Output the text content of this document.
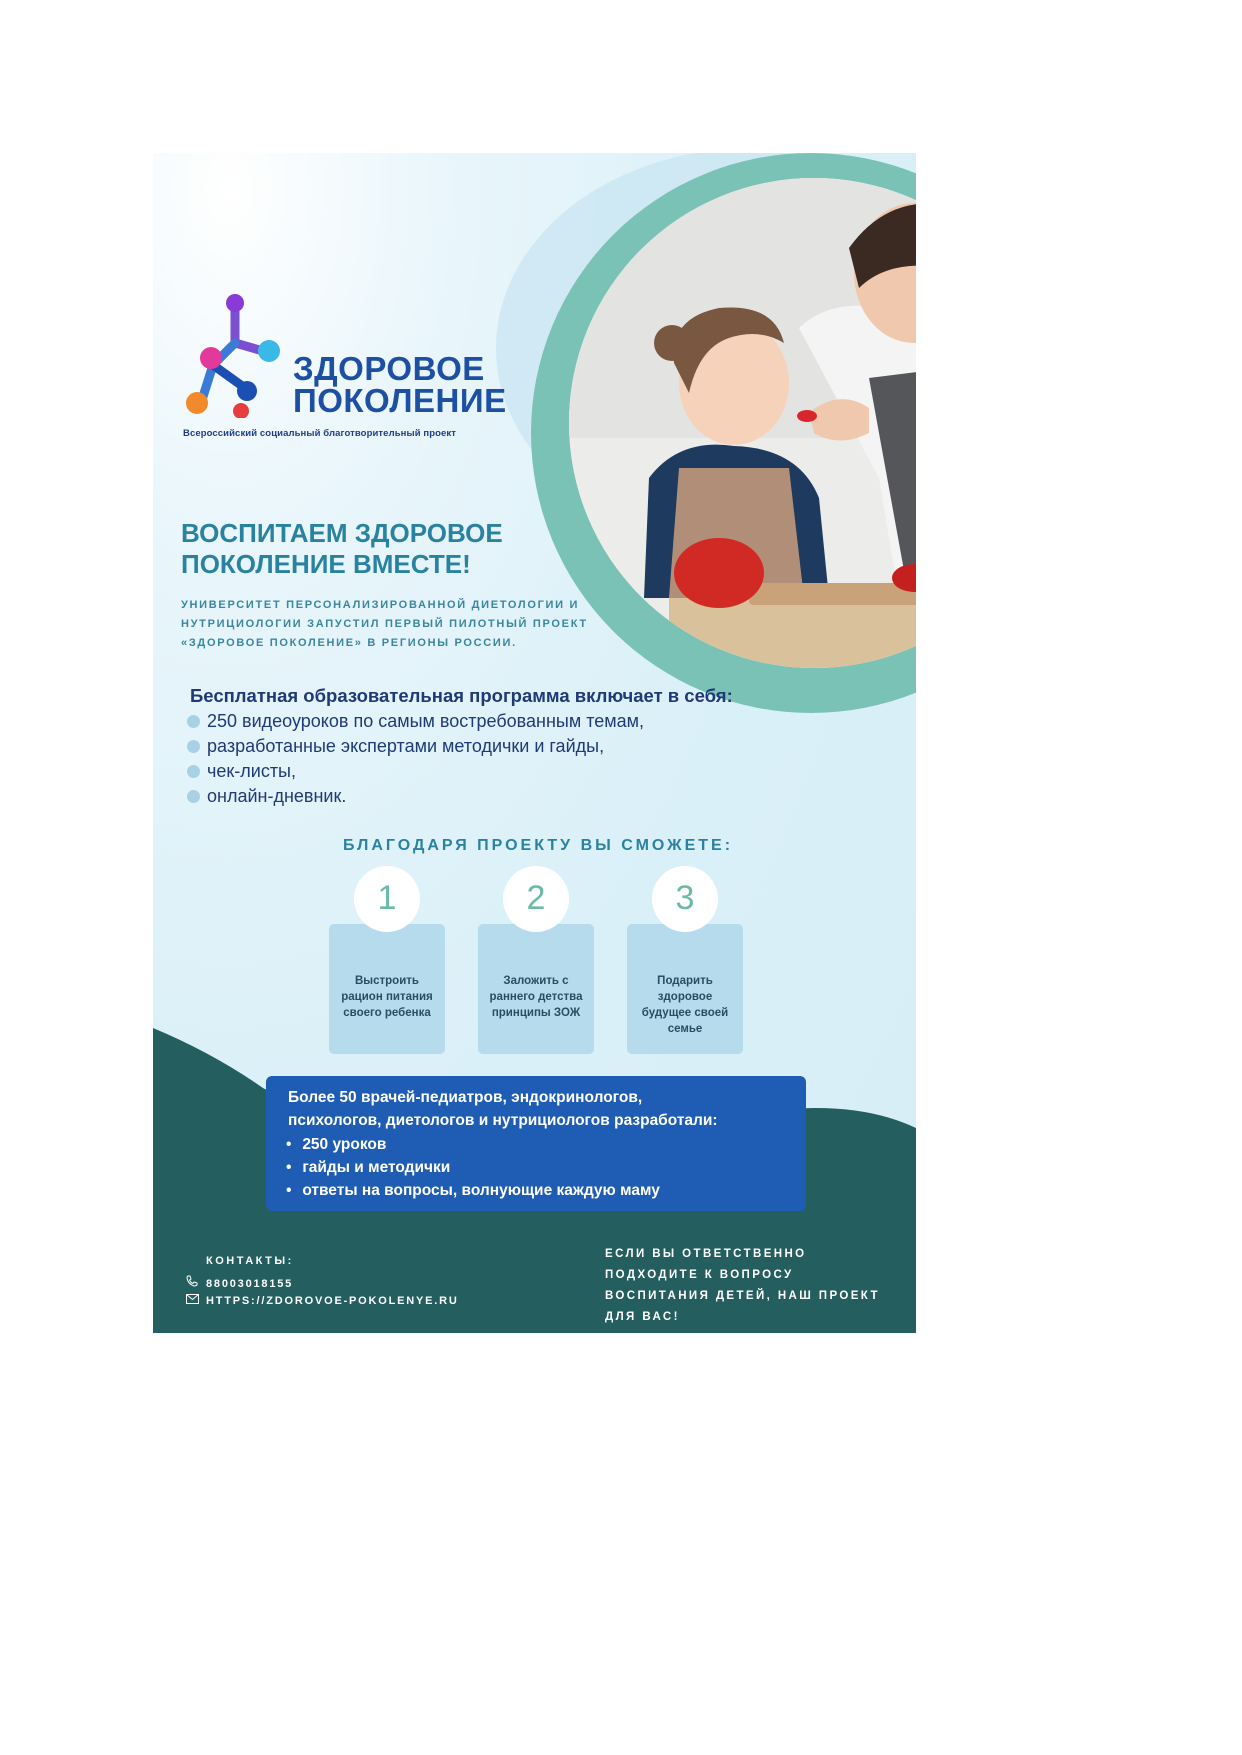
ЗДОРОВОЕ
ПОКОЛЕНИЕ
Всероссийский социальный благотворительный проект
ВОСПИТАЕМ ЗДОРОВОЕ
ПОКОЛЕНИЕ ВМЕСТЕ!
УНИВЕРСИТЕТ ПЕРСОНАЛИЗИРОВАННОЙ ДИЕТОЛОГИИ И
НУТРИЦИОЛОГИИ ЗАПУСТИЛ ПЕРВЫЙ ПИЛОТНЫЙ ПРОЕКТ
«ЗДОРОВОЕ ПОКОЛЕНИЕ» В РЕГИОНЫ РОССИИ.
Бесплатная образовательная программа включает в себя:
250 видеоуроков по самым востребованным темам,
разработанные экспертами методички и гайды,
чек-листы,
онлайн-дневник.
БЛАГОДАРЯ ПРОЕКТУ ВЫ СМОЖЕТЕ:
1	2	3
Выстроить
рацион питания
своего ребенка
Заложить с
раннего детства
принципы ЗОЖ
Подарить
здоровое
будущее своей
семье
Более 50 врачей-педиатров, эндокринологов,
психологов, диетологов и нутрициологов разработали:
• 250 уроков
• гайды и методички
• ответы на вопросы, волнующие каждую маму
КОНТАКТЫ:
88003018155
HTTPS://ZDOROVOE-POKOLENYE.RU
ЕСЛИ ВЫ ОТВЕТСТВЕННО
ПОДХОДИТЕ К ВОПРОСУ
ВОСПИТАНИЯ ДЕТЕЙ, НАШ ПРОЕКТ
ДЛЯ ВАС!
